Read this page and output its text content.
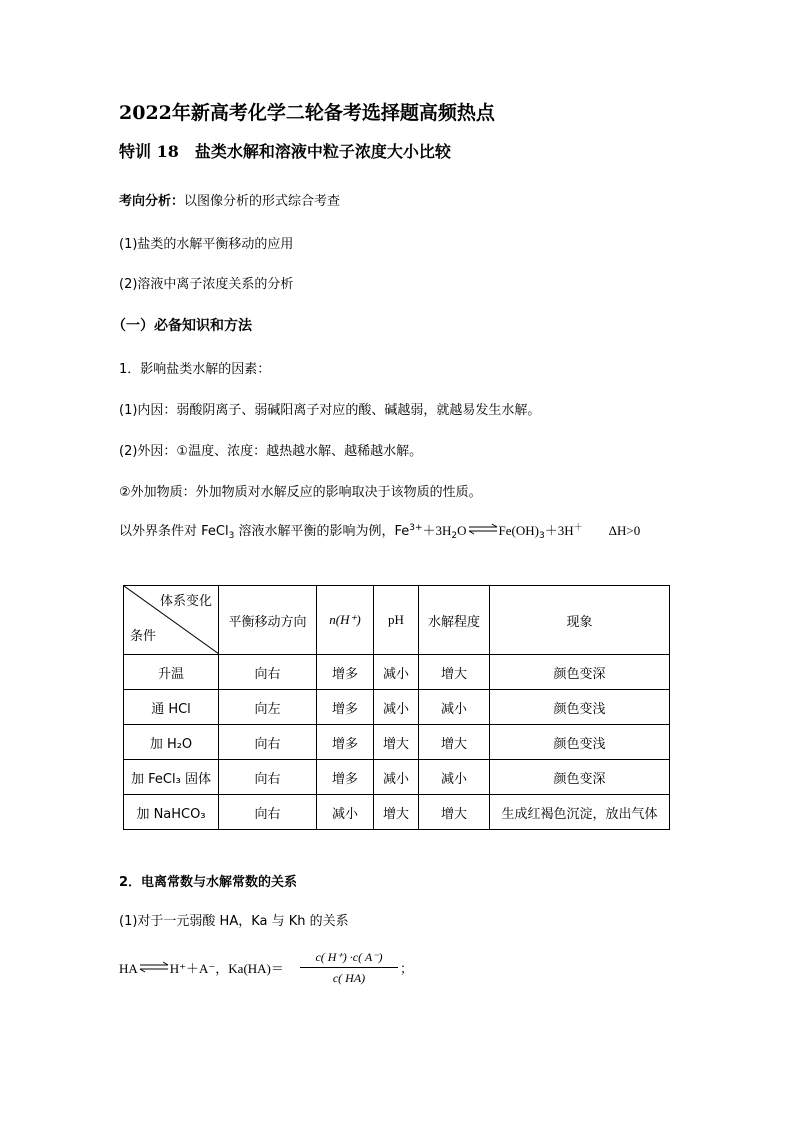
2022年新高考化学二轮备考选择题高频热点
特训 18　盐类水解和溶液中粒子浓度大小比较
考向分析：以图像分析的形式综合考查
(1)盐类的水解平衡移动的应用
(2)溶液中离子浓度关系的分析
（一）必备知识和方法
1．影响盐类水解的因素：
(1)内因：弱酸阴离子、弱碱阳离子对应的酸、碱越弱，就越易发生水解。
(2)外因：①温度、浓度：越热越水解、越稀越水解。
②外加物质：外加物质对水解反应的影响取决于该物质的性质。
以外界条件对 FeCl$_3$ 溶液水解平衡的影响为例，$Fe^{3+}+3H_2O\rightleftharpoons Fe(OH)_3+3H^+$ ΔH>0
体系变化
条件	平衡移动方向	n(H⁺)	pH	水解程度	现象
升温	向右	增多	减小	增大	颜色变深
通 HCl	向左	增多	减小	减小	颜色变浅
加 H₂O	向右	增多	增大	增大	颜色变浅
加 FeCl₃ 固体	向右	增多	减小	减小	颜色变深
加 NaHCO₃	向右	减小	增大	增大	生成红褐色沉淀，放出气体
2．电离常数与水解常数的关系
(1)对于一元弱酸 HA，Ka 与 Kh 的关系
HA⇌H⁺＋A⁻，$Ka(HA)= \frac{c( H^+) \cdot c( A^-)}{c( HA)}$ ；
